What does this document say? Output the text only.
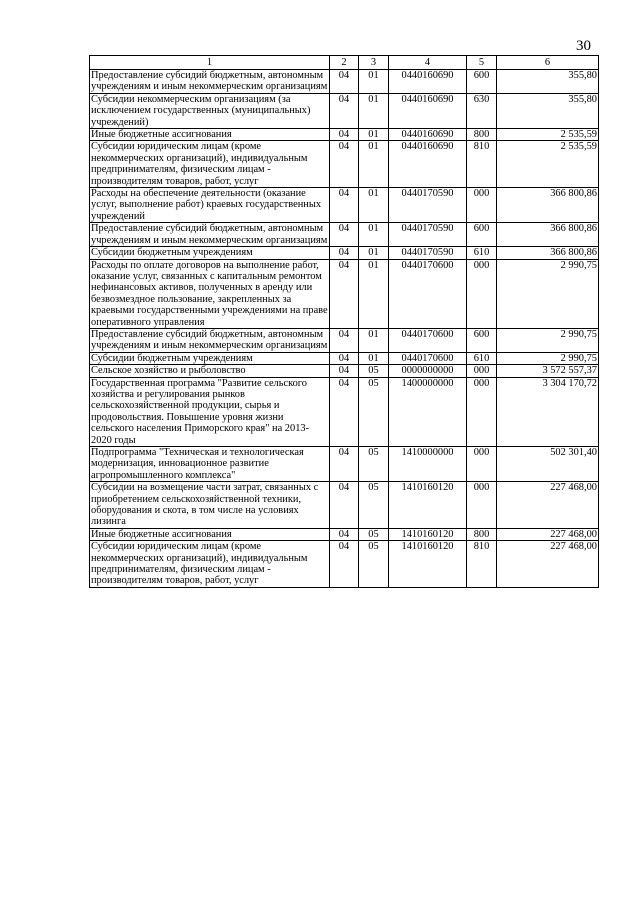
30
1	2	3	4	5	6
Предоставление субсидий бюджетным, автономным учреждениям и иным некоммерческим организациям	04	01	0440160690	600	355,80
Субсидии некоммерческим организациям (за исключением государственных (муниципальных) учреждений)	04	01	0440160690	630	355,80
Иные бюджетные ассигнования	04	01	0440160690	800	2 535,59
Субсидии юридическим лицам (кроме некоммерческих организаций), индивидуальным предпринимателям, физическим лицам - производителям товаров, работ, услуг	04	01	0440160690	810	2 535,59
Расходы на обеспечение деятельности (оказание услуг, выполнение работ) краевых государственных учреждений	04	01	0440170590	000	366 800,86
Предоставление субсидий бюджетным, автономным учреждениям и иным некоммерческим организациям	04	01	0440170590	600	366 800,86
Субсидии бюджетным учреждениям	04	01	0440170590	610	366 800,86
Расходы по оплате договоров на выполнение работ, оказание услуг, связанных с капитальным ремонтом нефинансовых активов, полученных в аренду или безвозмездное пользование, закрепленных за краевыми государственными учреждениями на праве оперативного управления	04	01	0440170600	000	2 990,75
Предоставление субсидий бюджетным, автономным учреждениям и иным некоммерческим организациям	04	01	0440170600	600	2 990,75
Субсидии бюджетным учреждениям	04	01	0440170600	610	2 990,75
Сельское хозяйство и рыболовство	04	05	0000000000	000	3 572 557,37
Государственная программа "Развитие сельского хозяйства и регулирования рынков сельскохозяйственной продукции, сырья и продовольствия. Повышение уровня жизни сельского населения Приморского края" на 2013-2020 годы	04	05	1400000000	000	3 304 170,72
Подпрограмма "Техническая и технологическая модернизация, инновационное развитие агропромышленного комплекса"	04	05	1410000000	000	502 301,40
Субсидии на возмещение части затрат, связанных с приобретением сельскохозяйственной техники, оборудования и скота, в том числе на условиях лизинга	04	05	1410160120	000	227 468,00
Иные бюджетные ассигнования	04	05	1410160120	800	227 468,00
Субсидии юридическим лицам (кроме некоммерческих организаций), индивидуальным предпринимателям, физическим лицам - производителям товаров, работ, услуг	04	05	1410160120	810	227 468,00
